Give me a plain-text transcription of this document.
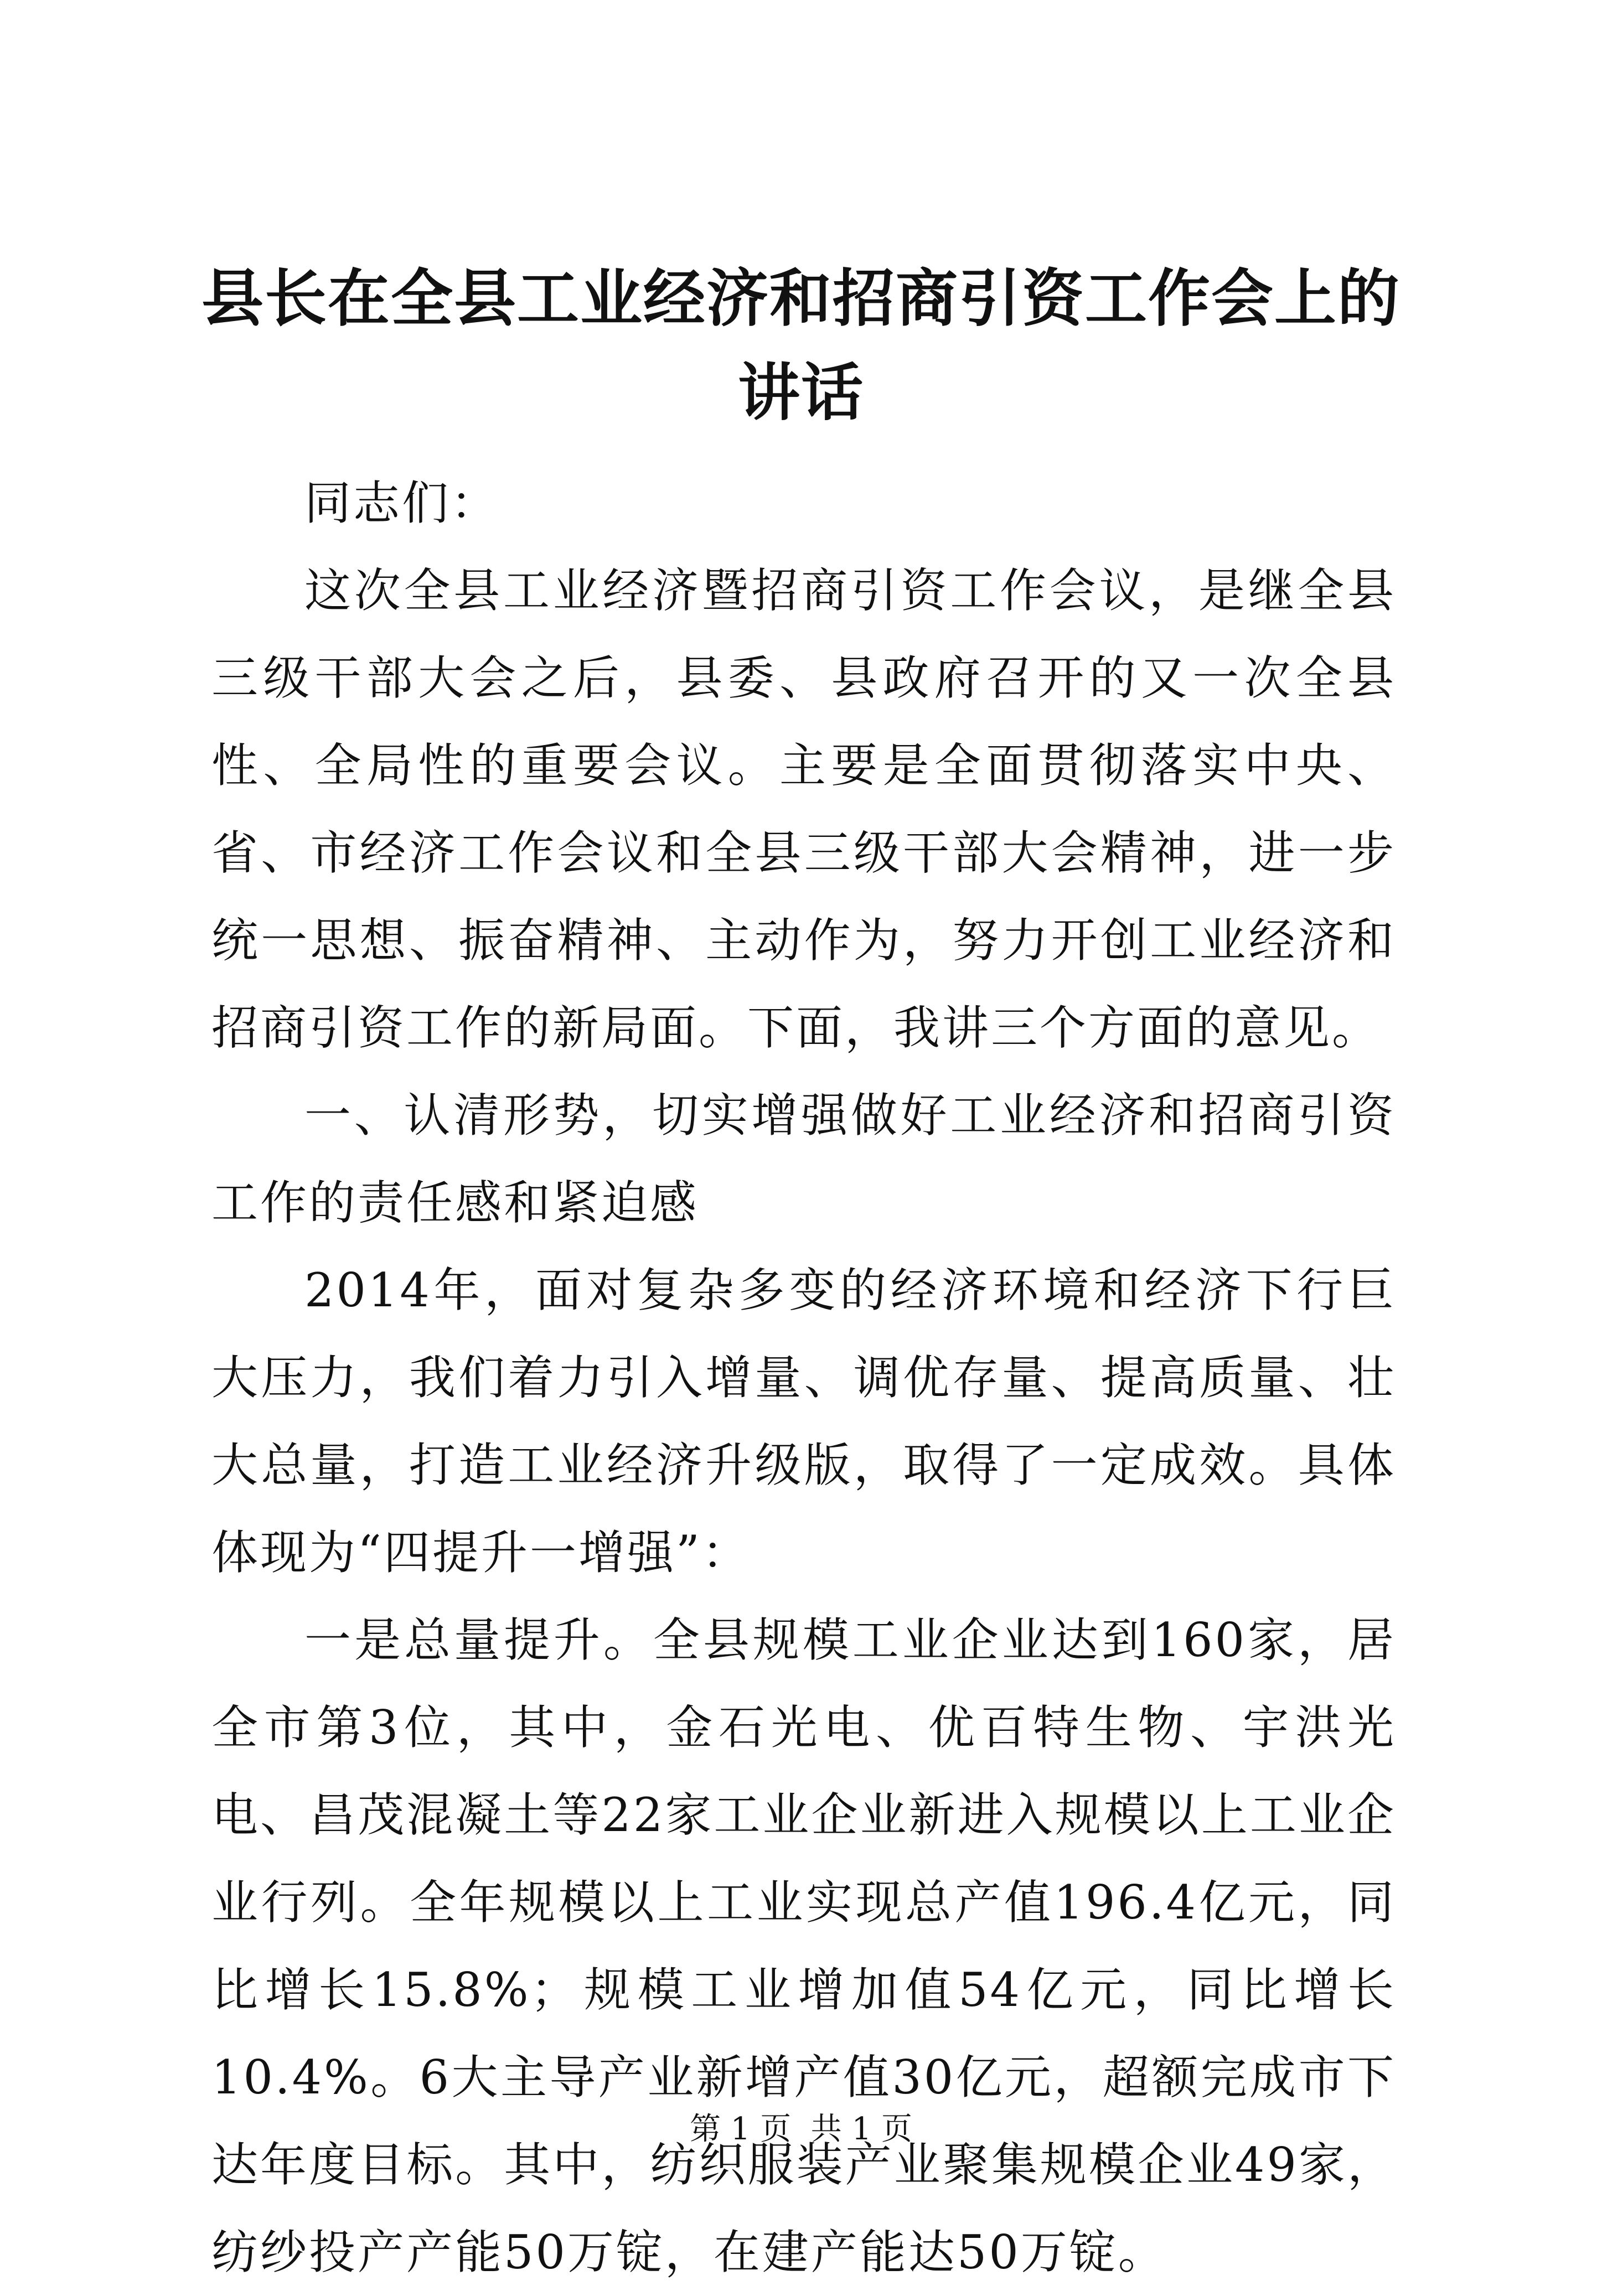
县长在全县工业经济和招商引资工作会上的讲话

同志们：

这次全县工业经济暨招商引资工作会议，是继全县三级干部大会之后，县委、县政府召开的又一次全县性、全局性的重要会议。主要是全面贯彻落实中央、省、市经济工作会议和全县三级干部大会精神，进一步统一思想、振奋精神、主动作为，努力开创工业经济和招商引资工作的新局面。下面，我讲三个方面的意见。

一、认清形势，切实增强做好工业经济和招商引资工作的责任感和紧迫感

2014年，面对复杂多变的经济环境和经济下行巨大压力，我们着力引入增量、调优存量、提高质量、壮大总量，打造工业经济升级版，取得了一定成效。具体体现为“四提升一增强”：

一是总量提升。全县规模工业企业达到160家，居全市第3位，其中，金石光电、优百特生物、宇洪光电、昌茂混凝土等22家工业企业新进入规模以上工业企业行列。全年规模以上工业实现总产值196.4亿元，同比增长15.8%；规模工业增加值54亿元，同比增长10.4%。6大主导产业新增产值30亿元，超额完成市下达年度目标。其中，纺织服装产业聚集规模企业49家，纺纱投产产能50万锭，在建产能达50万锭。

第 1 页  共 1 页
